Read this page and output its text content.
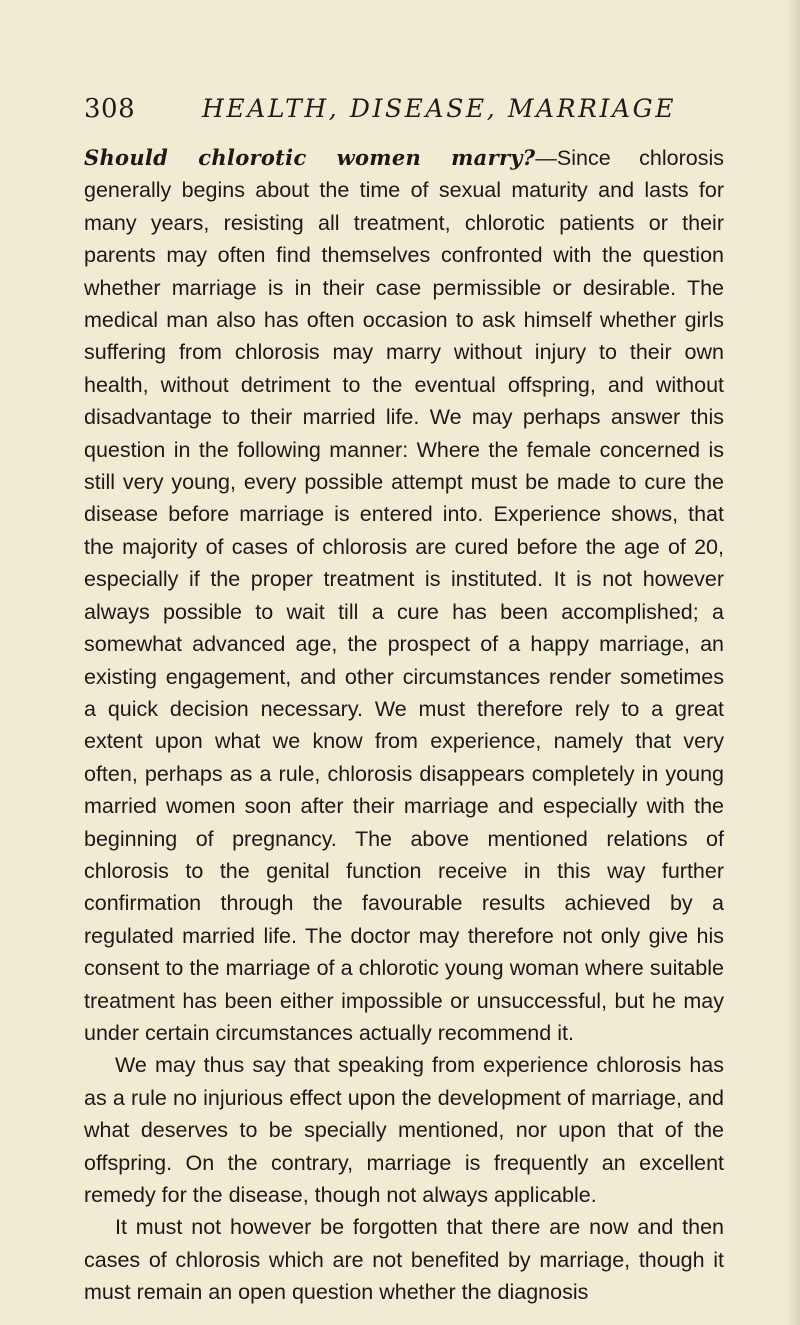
308	HEALTH, DISEASE, MARRIAGE

Should chlorotic women marry?—Since chlorosis generally begins about the time of sexual maturity and lasts for many years, resisting all treatment, chlorotic patients or their parents may often find themselves confronted with the question whether marriage is in their case permissible or desirable. The medical man also has often occasion to ask himself whether girls suffering from chlorosis may marry without injury to their own health, without detriment to the eventual offspring, and without disadvantage to their married life. We may perhaps answer this question in the following manner: Where the female concerned is still very young, every possible attempt must be made to cure the disease before marriage is entered into. Experience shows, that the majority of cases of chlorosis are cured before the age of 20, especially if the proper treatment is instituted. It is not however always possible to wait till a cure has been accomplished; a somewhat advanced age, the prospect of a happy marriage, an existing engagement, and other circumstances render sometimes a quick decision necessary. We must therefore rely to a great extent upon what we know from experience, namely that very often, perhaps as a rule, chlorosis disappears completely in young married women soon after their marriage and especially with the beginning of pregnancy. The above mentioned relations of chlorosis to the genital function receive in this way further confirmation through the favourable results achieved by a regulated married life. The doctor may therefore not only give his consent to the marriage of a chlorotic young woman where suitable treatment has been either impossible or unsuccessful, but he may under certain circumstances actually recommend it.

We may thus say that speaking from experience chlorosis has as a rule no injurious effect upon the development of marriage, and what deserves to be specially mentioned, nor upon that of the offspring. On the contrary, marriage is frequently an excellent remedy for the disease, though not always applicable.

It must not however be forgotten that there are now and then cases of chlorosis which are not benefited by marriage, though it must remain an open question whether the diagnosis
